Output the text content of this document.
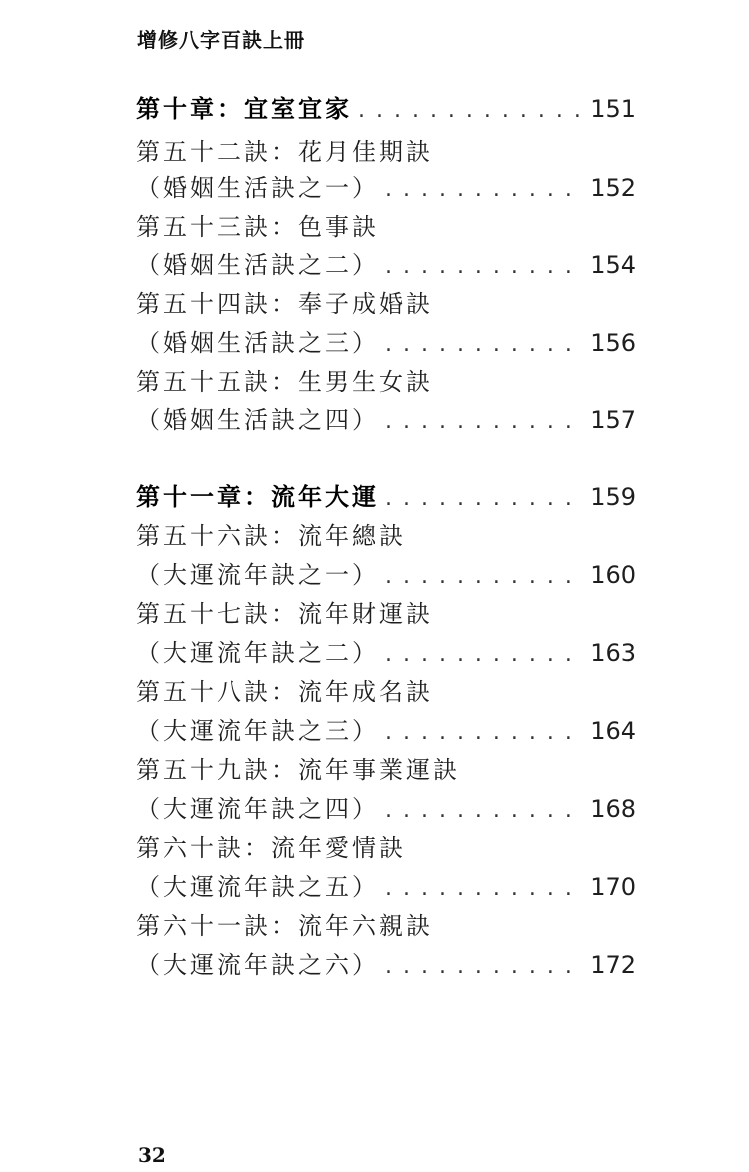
增修八字百訣上冊
第十章：宜室宜家 . . .	151
第五十二訣：花月佳期訣
（婚姻生活訣之一） . . .	152
第五十三訣：色事訣
（婚姻生活訣之二） . . .	154
第五十四訣：奉子成婚訣
（婚姻生活訣之三） . . .	156
第五十五訣：生男生女訣
（婚姻生活訣之四） . . .	157
第十一章：流年大運 . . .	159
第五十六訣：流年總訣
（大運流年訣之一） . . .	160
第五十七訣：流年財運訣
（大運流年訣之二） . . .	163
第五十八訣：流年成名訣
（大運流年訣之三） . . .	164
第五十九訣：流年事業運訣
（大運流年訣之四） . . .	168
第六十訣：流年愛情訣
（大運流年訣之五） . . .	170
第六十一訣：流年六親訣
（大運流年訣之六） . . .	172
32
